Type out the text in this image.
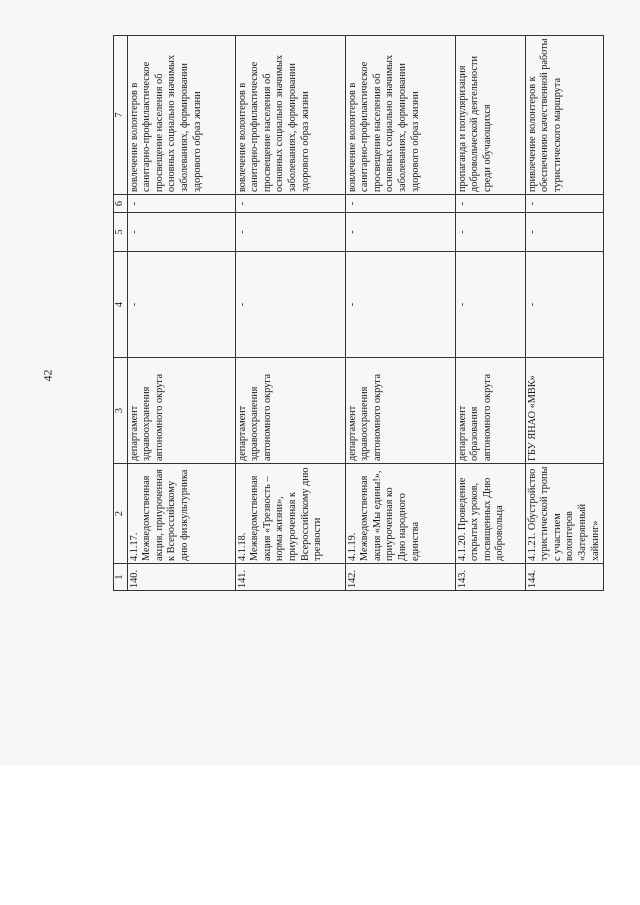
42
1	2	3	4	5	6	7
140.	4.1.17. Межведомственная акция, приуроченная к Всероссийскому дню физкультурника	департамент здравоохранения автономного округа	-	-	-	вовлечение волонтеров в санитарно-профилактическое просвещение населения об основных социально значимых заболеваниях, формировании здорового образ жизни
141.	4.1.18. Межведомственная акция «Трезвость – норма жизни», приуроченная к Всероссийскому дню трезвости	департамент здравоохранения автономного округа	-	-	-	вовлечение волонтеров в санитарно-профилактическое просвещение населения об основных социально значимых заболеваниях, формировании здорового образ жизни
142.	4.1.19. Межведомственная акция «Мы едины!», приуроченная ко Дню народного единства	департамент здравоохранения автономного округа	-	-	-	вовлечение волонтеров в санитарно-профилактическое просвещение населения об основных социально значимых заболеваниях, формировании здорового образ жизни
143.	4.1.20. Проведение открытых уроков, посвященных Дню добровольца	департамент образования автономного округа	-	-	-	пропаганда и популяризация добровольческой деятельности среди обучающихся
144.	4.1.21. Обустройство туристической тропы с участием волонтеров «Затерянный хайкинг»	ГБУ ЯНАО «МВК»	-	-	-	привлечение волонтеров к обеспечению качественной работы туристического маршрута
